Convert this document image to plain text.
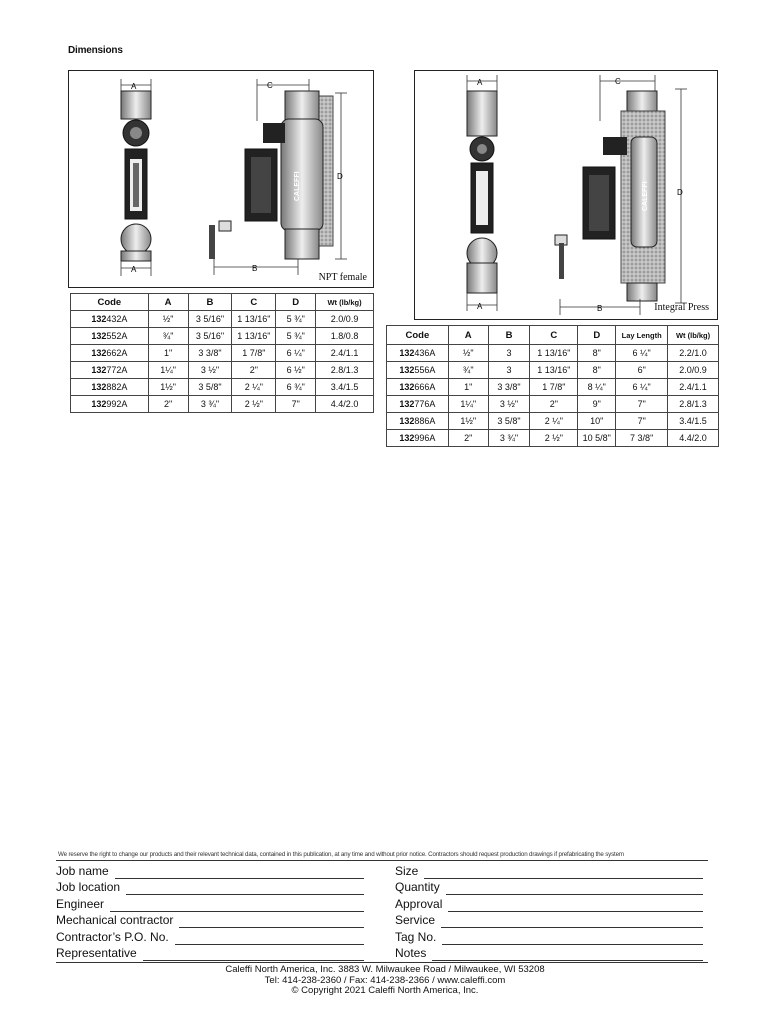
Dimensions
A
A
C
CALEFFI
B
D
NPT female
A
A
C
CALEFFI
B
D
Integral Press
Code	A	B	C	D	Wt (lb/kg)
132432A	½"	3 5/16"	1 13/16"	5 ¾"	2.0/0.9
132552A	¾"	3 5/16"	1 13/16"	5 ¾"	1.8/0.8
132662A	1"	3 3/8"	1 7/8"	6 ¼"	2.4/1.1
132772A	1¼"	3 ½"	2"	6 ½"	2.8/1.3
132882A	1½"	3 5/8"	2 ¼"	6 ¾"	3.4/1.5
132992A	2"	3 ¾"	2 ½"	7"	4.4/2.0
Code	A	B	C	D	Lay Length	Wt (lb/kg)
132436A	½"	3	1 13/16"	8"	6 ¼"	2.2/1.0
132556A	¾"	3	1 13/16"	8"	6"	2.0/0.9
132666A	1"	3 3/8"	1 7/8"	8 ¼"	6 ¼"	2.4/1.1
132776A	1¼"	3 ½"	2"	9"	7"	2.8/1.3
132886A	1½"	3 5/8"	2 ¼"	10"	7"	3.4/1.5
132996A	2"	3 ¾"	2 ½"	10 5/8"	7 3/8"	4.4/2.0
We reserve the right to change our products and their relevant technical data, contained in this publication, at any time and without prior notice. Contractors should request production drawings if prefabricating the system
Job name
Job location
Engineer
Mechanical contractor
Contractor’s P.O. No.
Representative
Size
Quantity
Approval
Service
Tag No.
Notes
Caleffi North America, Inc. 3883 W. Milwaukee Road / Milwaukee, WI 53208
Tel: 414-238-2360 / Fax: 414-238-2366 / www.caleffi.com
© Copyright 2021 Caleffi North America, Inc.
